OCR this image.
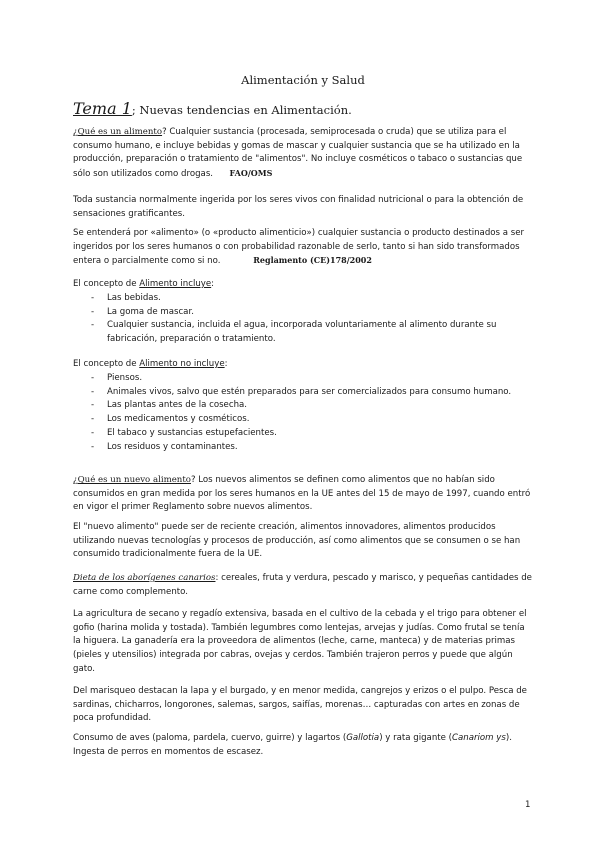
Alimentación y Salud
Tema 1; Nuevas tendencias en Alimentación.
¿Qué es un alimento? Cualquier sustancia (procesada, semiprocesada o cruda) que se utiliza para el consumo humano, e incluye bebidas y gomas de mascar y cualquier sustancia que se ha utilizado en la producción, preparación o tratamiento de "alimentos". No incluye cosméticos o tabaco o sustancias que sólo son utilizados como drogas. FAO/OMS
Toda sustancia normalmente ingerida por los seres vivos con finalidad nutricional o para la obtención de sensaciones gratificantes.
Se entenderá por «alimento» (o «producto alimenticio») cualquier sustancia o producto destinados a ser ingeridos por los seres humanos o con probabilidad razonable de serlo, tanto si han sido transformados entera o parcialmente como si no.	Reglamento (CE)178/2002
El concepto de Alimento incluye:
- Las bebidas.
- La goma de mascar.
- Cualquier sustancia, incluida el agua, incorporada voluntariamente al alimento durante su fabricación, preparación o tratamiento.
El concepto de Alimento no incluye:
- Piensos.
- Animales vivos, salvo que estén preparados para ser comercializados para consumo humano.
- Las plantas antes de la cosecha.
- Los medicamentos y cosméticos.
- El tabaco y sustancias estupefacientes.
- Los residuos y contaminantes.
¿Qué es un nuevo alimento? Los nuevos alimentos se definen como alimentos que no habían sido consumidos en gran medida por los seres humanos en la UE antes del 15 de mayo de 1997, cuando entró en vigor el primer Reglamento sobre nuevos alimentos.
El "nuevo alimento" puede ser de reciente creación, alimentos innovadores, alimentos producidos utilizando nuevas tecnologías y procesos de producción, así como alimentos que se consumen o se han consumido tradicionalmente fuera de la UE.
Dieta de los aborígenes canarios: cereales, fruta y verdura, pescado y marisco, y pequeñas cantidades de carne como complemento.
La agricultura de secano y regadío extensiva, basada en el cultivo de la cebada y el trigo para obtener el gofio (harina molida y tostada). También legumbres como lentejas, arvejas y judías. Como frutal se tenía la higuera. La ganadería era la proveedora de alimentos (leche, carne, manteca) y de materias primas (pieles y utensilios) integrada por cabras, ovejas y cerdos. También trajeron perros y puede que algún gato.
Del marisqueo destacan la lapa y el burgado, y en menor medida, cangrejos y erizos o el pulpo. Pesca de sardinas, chicharros, longorones, salemas, sargos, saifías, morenas… capturadas con artes en zonas de poca profundidad.
Consumo de aves (paloma, pardela, cuervo, guirre) y lagartos (Gallotia) y rata gigante (Canariom ys). Ingesta de perros en momentos de escasez.
1
